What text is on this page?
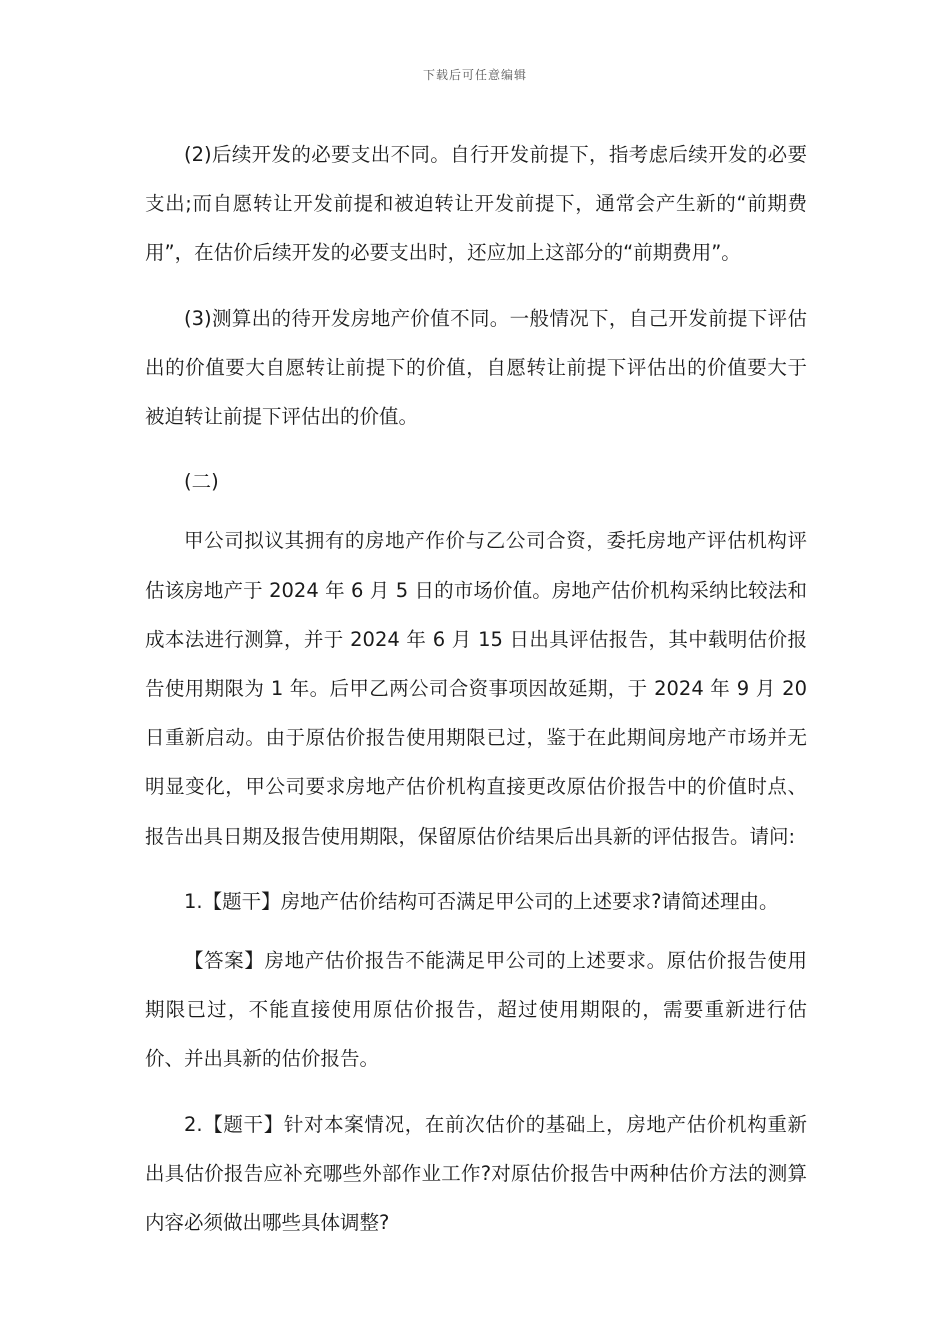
下载后可任意编辑

(2)后续开发的必要支出不同。自行开发前提下，指考虑后续开发的必要支出;而自愿转让开发前提和被迫转让开发前提下，通常会产生新的“前期费用”，在估价后续开发的必要支出时，还应加上这部分的“前期费用”。

(3)测算出的待开发房地产价值不同。一般情况下，自己开发前提下评估出的价值要大自愿转让前提下的价值，自愿转让前提下评估出的价值要大于被迫转让前提下评估出的价值。

(二)

甲公司拟议其拥有的房地产作价与乙公司合资，委托房地产评估机构评估该房地产于 2024 年 6 月 5 日的市场价值。房地产估价机构采纳比较法和成本法进行测算，并于 2024 年 6 月 15 日出具评估报告，其中载明估价报告使用期限为 1 年。后甲乙两公司合资事项因故延期，于 2024 年 9 月 20 日重新启动。由于原估价报告使用期限已过，鉴于在此期间房地产市场并无明显变化，甲公司要求房地产估价机构直接更改原估价报告中的价值时点、报告出具日期及报告使用期限，保留原估价结果后出具新的评估报告。请问:

1.【题干】房地产估价结构可否满足甲公司的上述要求?请简述理由。

【答案】房地产估价报告不能满足甲公司的上述要求。原估价报告使用期限已过，不能直接使用原估价报告，超过使用期限的，需要重新进行估价、并出具新的估价报告。

2.【题干】针对本案情况，在前次估价的基础上，房地产估价机构重新出具估价报告应补充哪些外部作业工作?对原估价报告中两种估价方法的测算内容必须做出哪些具体调整?
